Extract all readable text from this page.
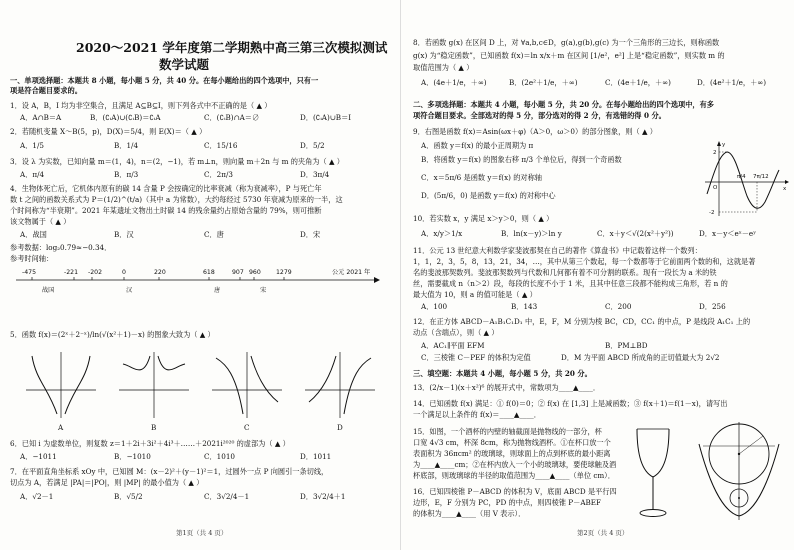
2020～2021 学年度第二学期熟中高三第三次模拟测试
数学试题
一、单项选择题：本题共 8 小题，每小题 5 分，共 40 分。在每小题给出的四个选项中，只有一
项是符合题目要求的。
1．设 A，B，I 均为非空集合，且满足 A⊆B⊆I，则下列各式中不正确的是（ ▲ ）
A．A∩B＝A	B．(∁ᵢA)∪(∁ᵢB)＝∁ᵢA	C．(∁ᵢB)∩A＝∅	D．(∁ᵢA)∪B＝I
2．若随机变量 X～B(5，p)，D(X)＝5/4，则 E(X)＝（ ▲ ）
A．1/5	B．1/4	C．15/16	D．5/2
3．设 λ 为实数，已知向量 m＝(1，4)，n＝(2，−1)，若 m⊥n，则向量 m＋2n 与 m 的夹角为（ ▲ ）
A．π/4	B．π/3	C．2π/3	D．3π/4
4．生物体死亡后，它机体内原有的碳 14 含量 P 会按确定的比率衰减（称为衰减率），P 与死亡年
数 t 之间的函数关系式为 P＝(1/2)^(t/a)（其中 a 为常数），大约每经过 5730 年衰减为原来的一半，这
个时间称为“半衰期”。2021 年某遗址文物出土时碳 14 的残余量约占原始含量的 79%，则可推断
该文物属于（ ▲ ）
A．战国	B．汉	C．唐	D．宋
参考数据：log₂0.79≈−0.34．
参考时间轴：
-475	-221 -202	0	220	618	907 960 1279	公元 2021 年
战国	汉	唐	宋
5．函数 f(x)＝(2ˣ＋2⁻ˣ)/ln(√(x²＋1)－x) 的图象大致为（ ▲ ）
A	B	C	D
6．已知 i 为虚数单位，则复数 z＝1＋2i＋3i²＋4i³＋……＋2021i²⁰²⁰ 的虚部为（ ▲ ）
A．−1011	B．−1010	C．1010	D．1011
7．在平面直角坐标系 xOy 中，已知圆 M：(x－2)²＋(y－1)²＝1，过圆外一点 P 向圆引一条切线，
切点为 A，若满足 |PA|＝|PO|，则 |MP| 的最小值为（ ▲ ）
A．√2－1	B．√5/2	C．3√2/4－1	D．3√2/4＋1
第1页（共 4 页）
8．若函数 g(x) 在区间 D 上，对 ∀a,b,c∈D，g(a),g(b),g(c) 为一个三角形的三边长，则称函数
g(x) 为“稳定函数”，已知函数 f(x)＝ln x/x＋m 在区间 [1/e²，e²] 上是“稳定函数”，则实数 m 的
取值范围为（ ▲ ）
A．(4e＋1/e，＋∞)	B．(2e²＋1/e，＋∞)	C．(4e＋1/e，＋∞)	D．(4e²＋1/e，＋∞)
二、多项选择题：本题共 4 小题，每小题 5 分，共 20 分。在每小题给出的四个选项中，有多
项符合题目要求。全部选对的得 5 分，部分选对的得 2 分，有选错的得 0 分。
9．右图是函数 f(x)＝Asin(ωx＋φ)（A＞0，ω＞0）的部分图象，则（ ▲ ）
A．函数 y＝f(x) 的最小正周期为 π
B．将函数 y＝f(x) 的图象右移 π/3 个单位后，得到一个奇函数
C．x＝5π/6 是函数 y＝f(x) 的对称轴
D．(5π/6，0) 是函数 y＝f(x) 的对称中心
y
2
-2
O	x
π/4 7π/12
10．若实数 x，y 满足 x＞y＞0，则（ ▲ ）
A．x/y＞1/x	B．ln(x－y)＞ln y	C．x＋y＜√(2(x²＋y²))	D．x－y＜eˣ－eʸ
11．公元 13 世纪意大利数学家斐波那契在自己的著作《算盘书》中记载着这样一个数列：
1，1，2，3，5，8，13，21，34，…，其中从第三个数起，每一个数都等于它前面两个数的和，这就是著
名的斐波那契数列。斐波那契数列与代数和几何都有着不可分割的联系。现有一段长为 a 米的铁
丝，需要截成 n（n＞2）段，每段的长度不小于 1 米，且其中任意三段都不能构成三角形，若 n 的
最大值为 10，则 a 的值可能是（ ▲ ）
A．100	B．143	C．200	D．256
12．在正方体 ABCD－A₁B₁C₁D₁ 中，E，F，M 分别为棱 BC，CD，CC₁ 的中点，P 是线段 A₁C₁ 上的
动点（含端点），则（ ▲ ）
A．AC₁∥平面 EFM	B．PM⊥BD
C．三棱锥 C－PEF 的体积为定值	D．M 为平面 ABCD 所成角的正切值最大为 2√2
三、填空题：本题共 4 小题，每小题 5 分，共 20 分。
13．(2/x－1)(x＋x²)⁶ 的展开式中，常数项为____▲____．
14．已知函数 f(x) 满足：① f(0)＝0；② f(x) 在 [1,3] 上是减函数；③ f(x＋1)＝f(1－x)，请写出
一个满足以上条件的 f(x)＝____▲____．
15．如图，一个酒杯的内壁的轴截面是抛物线的一部分，杯
口宽 4√3 cm，杯深 8cm，称为抛物线酒杯。①在杯口放一个
表面积为 36πcm² 的玻璃球，则球面上的点到杯底的最小距离
为____▲____cm；②在杯内放入一个小的玻璃球，要使球触及酒
杯底部，则玻璃球的半径的取值范围为____▲____（单位 cm）．
16．已知四棱锥 P－ABCD 的体积为 V，底面 ABCD 是平行四
边形，E，F 分别为 PC，PD 的中点，则四棱锥 P－ABEF
的体积为____▲____（用 V 表示）．
第2页（共 4 页）
